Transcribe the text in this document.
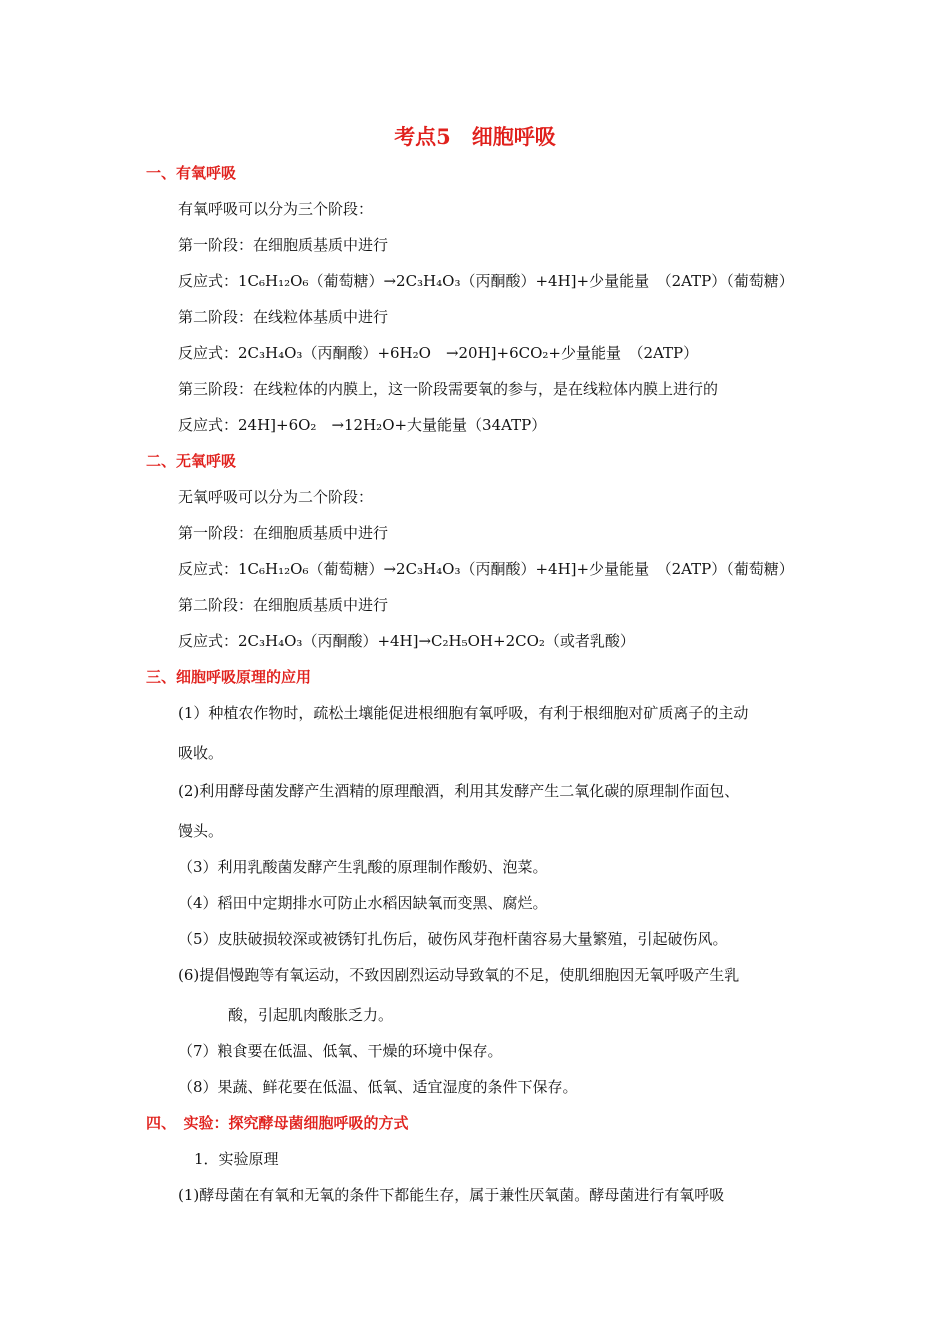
考点5　细胞呼吸
一、有氧呼吸
有氧呼吸可以分为三个阶段：
第一阶段：在细胞质基质中进行
反应式：1C₆H₁₂O₆（葡萄糖）→2C₃H₄O₃（丙酮酸）+4H]+少量能量　（2ATP）（葡萄糖）
第二阶段：在线粒体基质中进行
反应式：2C₃H₄O₃（丙酮酸）+6H₂O　→20H]+6CO₂+少量能量　（2ATP）
第三阶段：在线粒体的内膜上，这一阶段需要氧的参与，是在线粒体内膜上进行的
反应式：24H]+6O₂　→12H₂O+大量能量（34ATP）
二、无氧呼吸
无氧呼吸可以分为二个阶段：
第一阶段：在细胞质基质中进行
反应式：1C₆H₁₂O₆（葡萄糖）→2C₃H₄O₃（丙酮酸）+4H]+少量能量　（2ATP）（葡萄糖）
第二阶段：在细胞质基质中进行
反应式：2C₃H₄O₃（丙酮酸）+4H]→C₂H₅OH+2CO₂（或者乳酸）
三、细胞呼吸原理的应用
(1）种植农作物时，疏松土壤能促进根细胞有氧呼吸，有利于根细胞对矿质离子的主动
吸收。
(2)利用酵母菌发酵产生酒精的原理酿酒，利用其发酵产生二氧化碳的原理制作面包、
馒头。
（3）利用乳酸菌发酵产生乳酸的原理制作酸奶、泡菜。
（4）稻田中定期排水可防止水稻因缺氧而变黑、腐烂。
（5）皮肤破损较深或被锈钉扎伤后，破伤风芽孢杆菌容易大量繁殖，引起破伤风。
(6)提倡慢跑等有氧运动，不致因剧烈运动导致氧的不足，使肌细胞因无氧呼吸产生乳
酸，引起肌肉酸胀乏力。
（7）粮食要在低温、低氧、干燥的环境中保存。
（8）果蔬、鲜花要在低温、低氧、适宜湿度的条件下保存。
四、　实验：探究酵母菌细胞呼吸的方式
1．实验原理
(1)酵母菌在有氧和无氧的条件下都能生存，属于兼性厌氧菌。酵母菌进行有氧呼吸
